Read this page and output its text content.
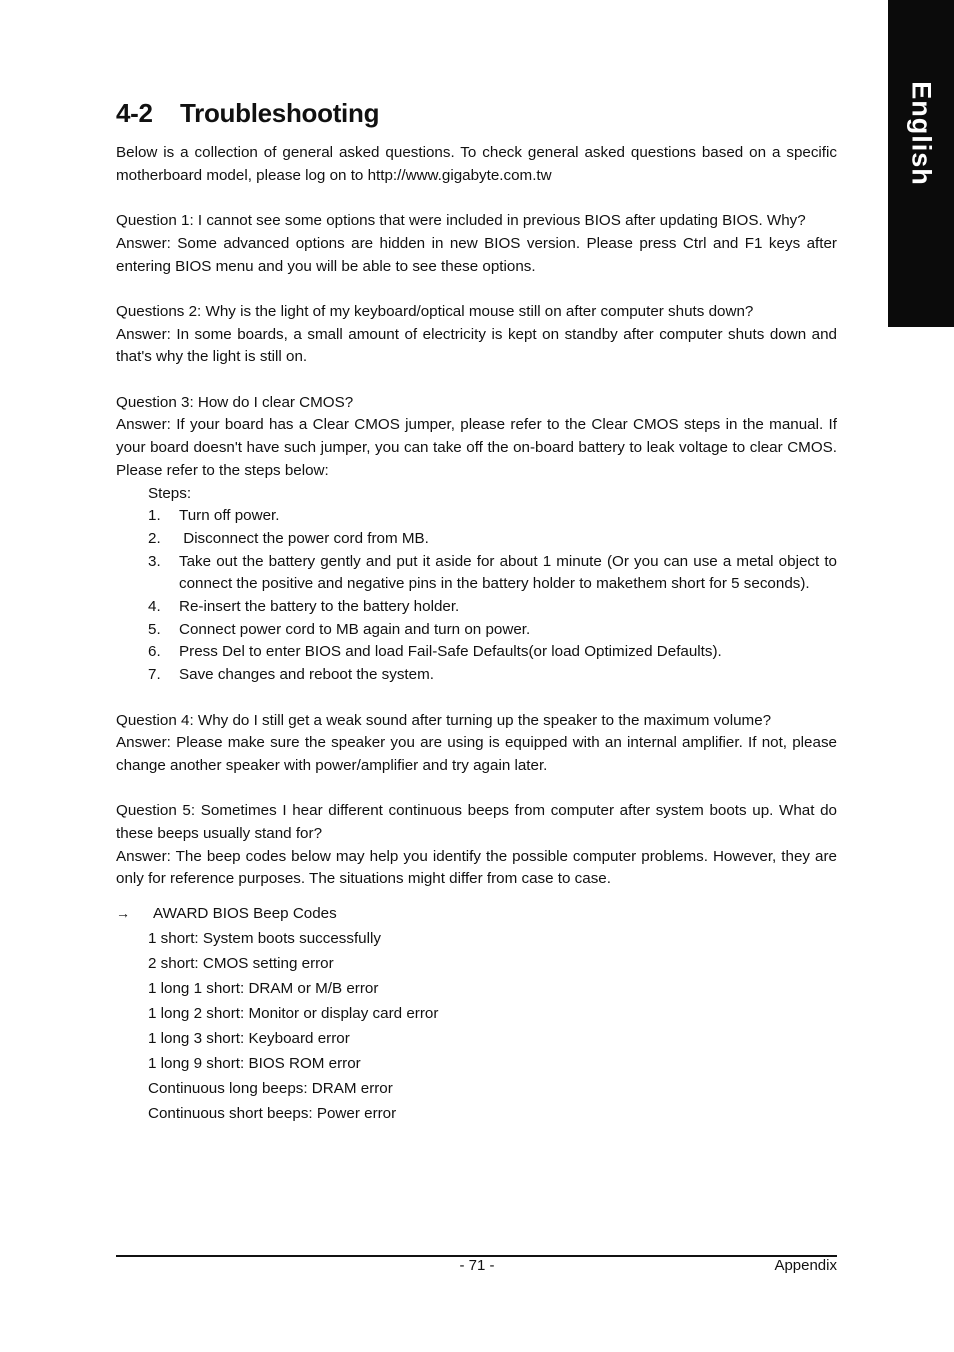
English
4-2 Troubleshooting

Below is a collection of general asked questions. To check general asked questions based on a specific motherboard model, please log on to http://www.gigabyte.com.tw

Question 1: I cannot see some options that were included in previous BIOS after updating BIOS. Why?

Answer: Some advanced options are hidden in new BIOS version. Please press Ctrl and F1 keys after entering BIOS menu and you will be able to see these options.

Questions 2: Why is the light of my keyboard/optical mouse still on after computer shuts down?

Answer: In some boards, a small amount of electricity is kept on standby after computer shuts down and that's why the light is still on.

Question 3: How do I clear CMOS?

Answer: If your board has a Clear CMOS jumper, please refer to the Clear CMOS steps in the manual. If your board doesn't have such jumper, you can take off the on-board battery to leak voltage to clear CMOS. Please refer to the steps below:

Steps:

1.	Turn off power.
2.	Disconnect the power cord from MB.
3.	Take out the battery gently and put it aside for about 1 minute (Or you can use a metal object to connect the positive and negative pins in the battery holder to makethem short for 5 seconds).
4.	Re-insert the battery to the battery holder.
5.	Connect power cord to MB again and turn on power.
6.	Press Del to enter BIOS and load Fail-Safe Defaults(or load Optimized Defaults).
7.	Save changes and reboot the system.

Question 4: Why do I still get a weak sound after turning up the speaker to the maximum volume?

Answer: Please make sure the speaker you are using is equipped with an internal amplifier. If not, please change another speaker with power/amplifier and try again later.

Question 5: Sometimes I hear different continuous beeps from computer after system boots up. What do these beeps usually stand for?

Answer: The beep codes below may help you identify the possible computer problems. However, they are only for reference purposes. The situations might differ from case to case.

→	AWARD BIOS Beep Codes
1 short: System boots successfully
2 short: CMOS setting error
1 long 1 short: DRAM or M/B error
1 long 2 short: Monitor or display card error
1 long 3 short: Keyboard error
1 long 9 short: BIOS ROM error
Continuous long beeps: DRAM error
Continuous short beeps: Power error
- 71 -	Appendix
